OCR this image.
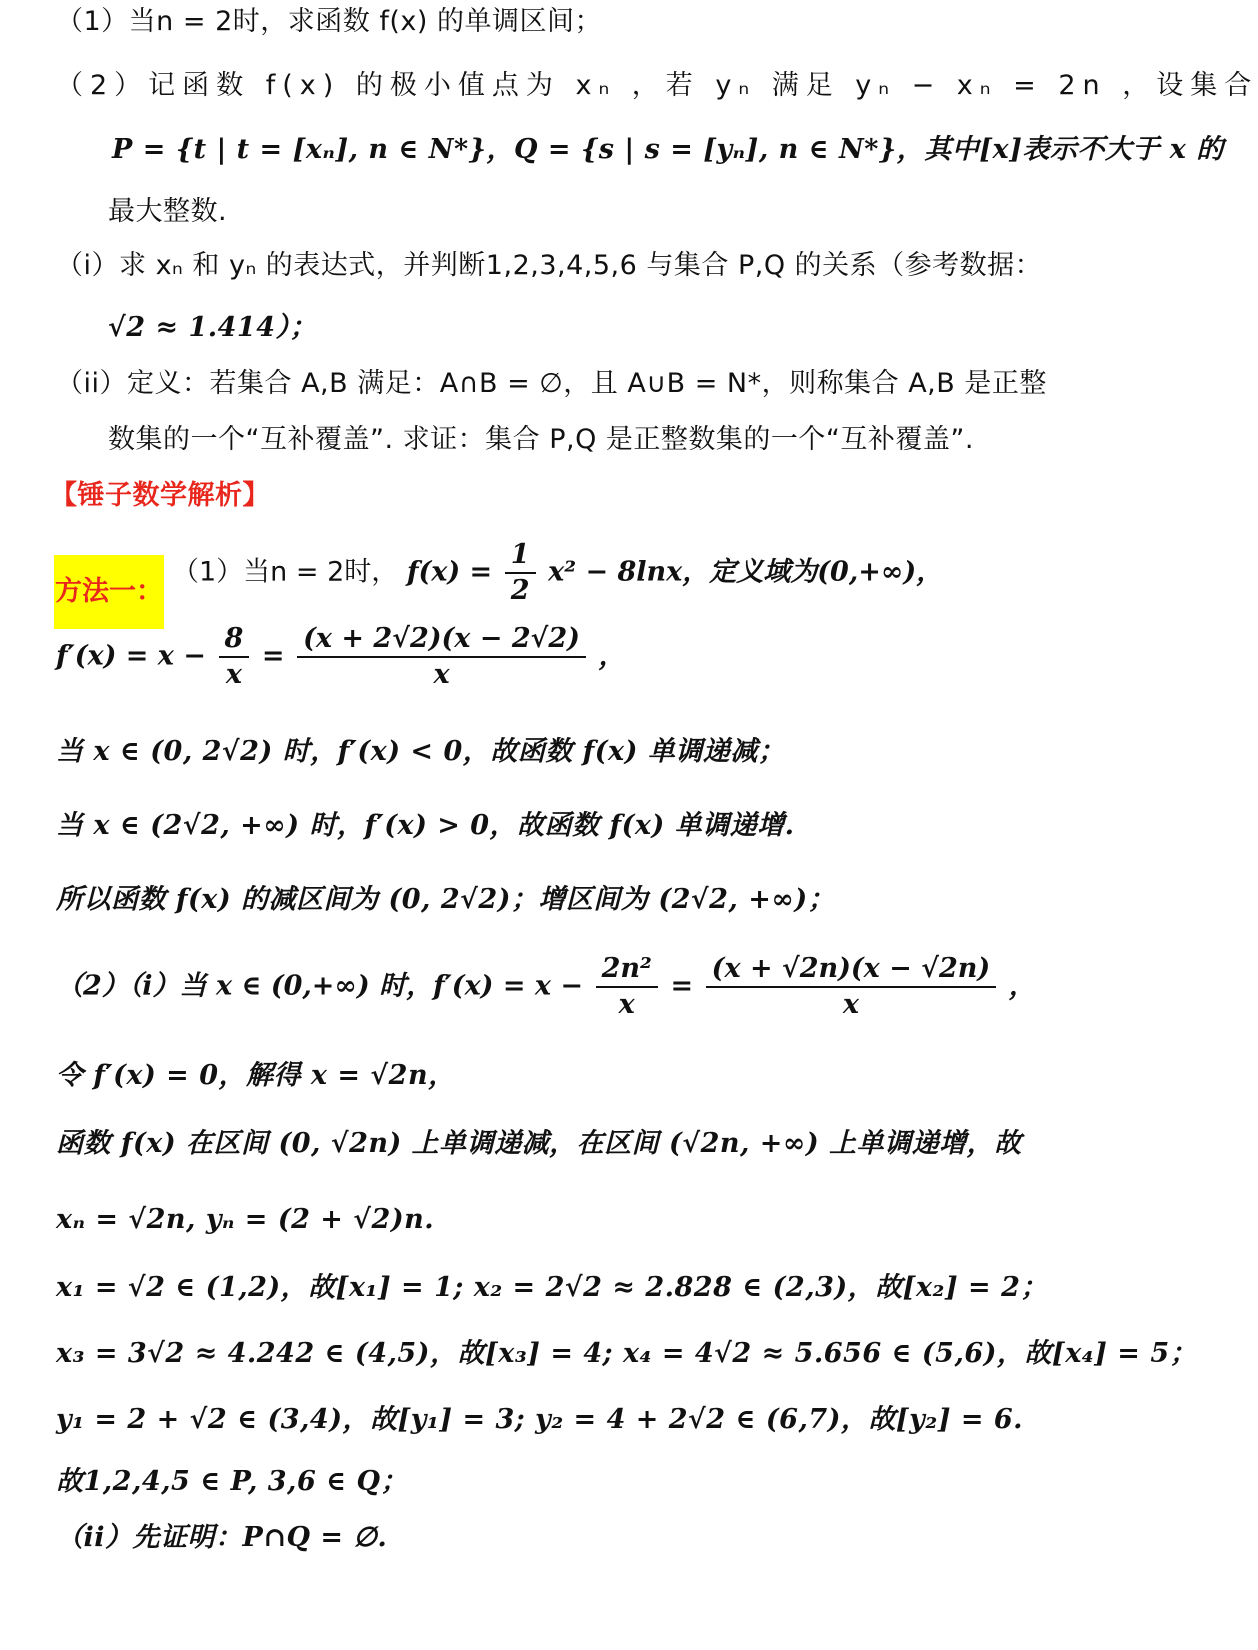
（1）当n = 2时，求函数 f(x) 的单调区间；
（2）记函数 f(x) 的极小值点为 xₙ ，若 yₙ 满足 yₙ − xₙ = 2n ，设集合
P = {t | t = [xₙ], n ∈ N*}，Q = {s | s = [yₙ], n ∈ N*}，其中[x]表示不大于 x 的
最大整数.
（i）求 xₙ 和 yₙ 的表达式，并判断1,2,3,4,5,6 与集合 P,Q 的关系（参考数据：
√2 ≈ 1.414）；
（ii）定义：若集合 A,B 满足：A∩B = ∅，且 A∪B = N*，则称集合 A,B 是正整
数集的一个“互补覆盖”. 求证：集合 P,Q 是正整数集的一个“互补覆盖”.
【锤子数学解析】
方法一：
（1）当n = 2时， $f(x) = \frac{1}{2} x^2 - 8\ln x$，定义域为(0,+∞)，
$f'(x) = x - \frac{8}{x} = \frac{(x + 2√2)(x - 2√2)}{x}$ ，
当 x ∈ (0, 2√2) 时，f′(x) < 0，故函数 f(x) 单调递减；
当 x ∈ (2√2, +∞) 时，f′(x) > 0，故函数 f(x) 单调递增.
所以函数 f(x) 的减区间为 (0, 2√2)；增区间为 (2√2, +∞)；
（2）（i）当 x ∈ (0,+∞) 时，$f'(x) = x - \frac{\text{2n²}}{x} = \frac{(x + √2n)(x - √2n)}{x}$ ，
令 f′(x) = 0，解得 x = √2n，
函数 f(x) 在区间 (0, √2n) 上单调递减，在区间 (√2n, +∞) 上单调递增，故
xₙ = √2n, yₙ = (2 + √2)n.
x₁ = √2 ∈ (1,2)，故[x₁] = 1; x₂ = 2√2 ≈ 2.828 ∈ (2,3)，故[x₂] = 2；
x₃ = 3√2 ≈ 4.242 ∈ (4,5)，故[x₃] = 4; x₄ = 4√2 ≈ 5.656 ∈ (5,6)，故[x₄] = 5；
y₁ = 2 + √2 ∈ (3,4)，故[y₁] = 3; y₂ = 4 + 2√2 ∈ (6,7)，故[y₂] = 6.
故1,2,4,5 ∈ P, 3,6 ∈ Q；
（ii）先证明：P∩Q = ∅.
